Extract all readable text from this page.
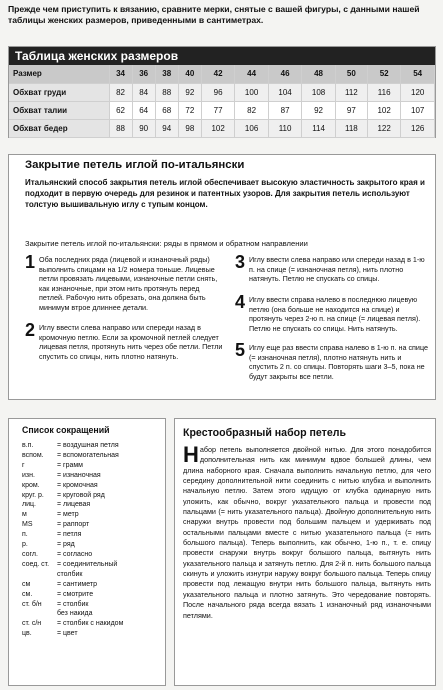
Прежде чем приступить к вязанию, сравните мерки, снятые с вашей фигуры, с данными нашей таблицы женских размеров, приведенными в сантиметрах.
Таблица женских размеров
Размер	34	36	38	40	42	44	46	48	50	52	54
Обхват груди	82	84	88	92	96	100	104	108	112	116	120
Обхват талии	62	64	68	72	77	82	87	92	97	102	107
Обхват бедер	88	90	94	98	102	106	110	114	118	122	126
Закрытие петель иглой по-итальянски
Итальянский способ закрытия петель иглой обеспечивает высокую эластичность закрытого края и подходит в первую очередь для резинок и патентных узоров. Для закрытия петель используют толстую вышивальную иглу с тупым концом.
Закрытие петель иглой по-итальянски: ряды в прямом и обратном направлении
1 Оба последних ряда (лицевой и изнаночный ряды) выполнить спицами на 1/2 номера тоньше. Лицевые петли провязать лицевыми, изнаночные петли снять, как изнаночные, при этом нить протянуть перед петлей. Рабочую нить обрезать, она должна быть минимум втрое длиннее детали.
2 Иглу ввести слева направо или спереди назад в кромочную петлю. Если за кромочной петлей следует лицевая петля, протянуть нить через обе петли. Петли спустить со спицы, нить плотно натянуть.
3 Иглу ввести слева направо или спереди назад в 1-ю п. на спице (= изнаночная петля), нить плотно натянуть. Петлю не спускать со спицы.
4 Иглу ввести справа налево в последнюю лицевую петлю (она больше не находится на спице) и протянуть через 2-ю п. на спице (= лицевая петля). Петлю не спускать со спицы. Нить натянуть.
5 Иглу еще раз ввести справа налево в 1-ю п. на спице (= изнаночная петля), плотно натянуть нить и спустить 2 п. со спицы. Повторять шаги 3–5, пока не будут закрыты все петли.
Список сокращений
в.п.	= воздушная петля
вспом.	= вспомогательная
г	= грамм
изн.	= изнаночная
кром.	= кромочная
круг. р.	= круговой ряд
лиц.	= лицевая
м	= метр
MS	= раппорт
п.	= петля
р.	= ряд
согл.	= согласно
соед. ст.	= соединительный
столбик
см	= сантиметр
см.	= смотрите
ст. б/н	= столбик
без накида
ст. с/н	= столбик с накидом
цв.	= цвет
Крестообразный набор петель
Набор петель выполняется двойной нитью. Для этого понадобится дополнительная нить как минимум вдвое большей длины, чем длина наборного края. Сначала выполнить начальную петлю, для чего середину дополнительной нити соединить с нитью клубка и выполнить начальную петлю. Затем этого идущую от клубка одинарную нить уложить, как обычно, вокруг указательного пальца и провести под пальцами (= нить указательного пальца). Двойную дополнительную нить снаружи внутрь провести под большим пальцем и удерживать под остальными пальцами вместе с нитью указательного пальца (= нить большого пальца). Теперь выполнить, как обычно, 1-ю п., т. е. спицу провести снаружи внутрь вокруг большого пальца, вытянуть нить указательного пальца и затянуть петлю. Для 2-й п. нить большого пальца скинуть и уложить изнутри наружу вокруг большого пальца. Теперь спицу провести под лежащую внутри нить большого пальца, вытянуть нить указательного пальца и плотно затянуть. Это чередование повторять. После начального ряда всегда вязать 1 изнаночный ряд изнаночными петлями.
